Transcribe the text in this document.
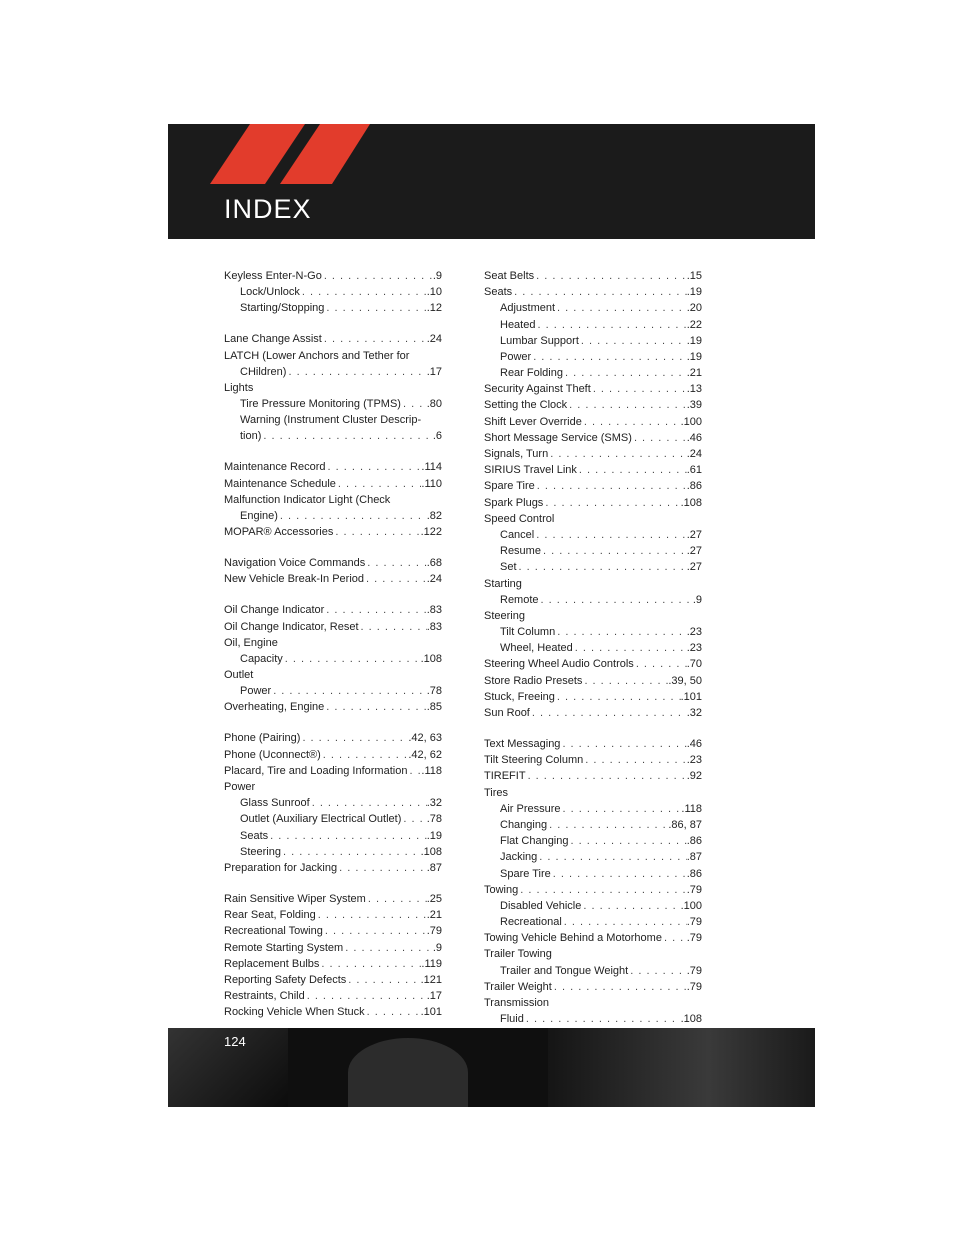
INDEX
Keyless Enter-N-Go . . .	.9
Lock/Unlock . . .	.10
Starting/Stopping . . .	.12
Lane Change Assist . . .	.24
LATCH (Lower Anchors and Tether for
CHildren) . . .	.17
Lights
Tire Pressure Monitoring (TPMS) . . . .80
Warning (Instrument Cluster Descrip-
tion) . . .	.6
Maintenance Record . . .	.114
Maintenance Schedule . . .	.110
Malfunction Indicator Light (Check
Engine) . . .	.82
MOPAR® Accessories . . .	.122
Navigation Voice Commands . . .	.68
New Vehicle Break-In Period . . .	.24
Oil Change Indicator . . .	.83
Oil Change Indicator, Reset . . .	.83
Oil, Engine
Capacity . . .	.108
Outlet
Power . . .	.78
Overheating, Engine . . .	.85
Phone (Pairing) . . .	.42, 63
Phone (Uconnect®) . . .	.42, 62
Placard, Tire and Loading Information . . . .118
Power
Glass Sunroof . . .	.32
Outlet (Auxiliary Electrical Outlet) . . . .78
Seats . . .	.19
Steering . . .	.108
Preparation for Jacking . . .	.87
Rain Sensitive Wiper System . . .	.25
Rear Seat, Folding . . .	.21
Recreational Towing . . .	.79
Remote Starting System . . .	.9
Replacement Bulbs . . .	.119
Reporting Safety Defects . . .	.121
Restraints, Child . . .	.17
Rocking Vehicle When Stuck . . .	.101
Seat Belts . . .	.15
Seats . . .	.19
Adjustment . . .	.20
Heated . . .	.22
Lumbar Support . . .	.19
Power . . .	.19
Rear Folding . . .	.21
Security Against Theft . . .	.13
Setting the Clock . . .	.39
Shift Lever Override . . .	.100
Short Message Service (SMS) . . .	.46
Signals, Turn . . .	.24
SIRIUS Travel Link . . .	.61
Spare Tire . . .	.86
Spark Plugs . . .	.108
Speed Control
Cancel . . .	.27
Resume . . .	.27
Set . . .	.27
Starting
Remote . . .	.9
Steering
Tilt Column . . .	.23
Wheel, Heated . . .	.23
Steering Wheel Audio Controls . . .	.70
Store Radio Presets . . .	.39, 50
Stuck, Freeing . . .	.101
Sun Roof . . .	.32
Text Messaging . . .	.46
Tilt Steering Column . . .	.23
TIREFIT . . .	.92
Tires
Air Pressure . . .	.118
Changing . . .	.86, 87
Flat Changing . . .	.86
Jacking . . .	.87
Spare Tire . . .	.86
Towing . . .	.79
Disabled Vehicle . . .	.100
Recreational . . .	.79
Towing Vehicle Behind a Motorhome . . . .79
Trailer Towing
Trailer and Tongue Weight . . .	.79
Trailer Weight . . .	.79
Transmission
Fluid . . .	.108
124
